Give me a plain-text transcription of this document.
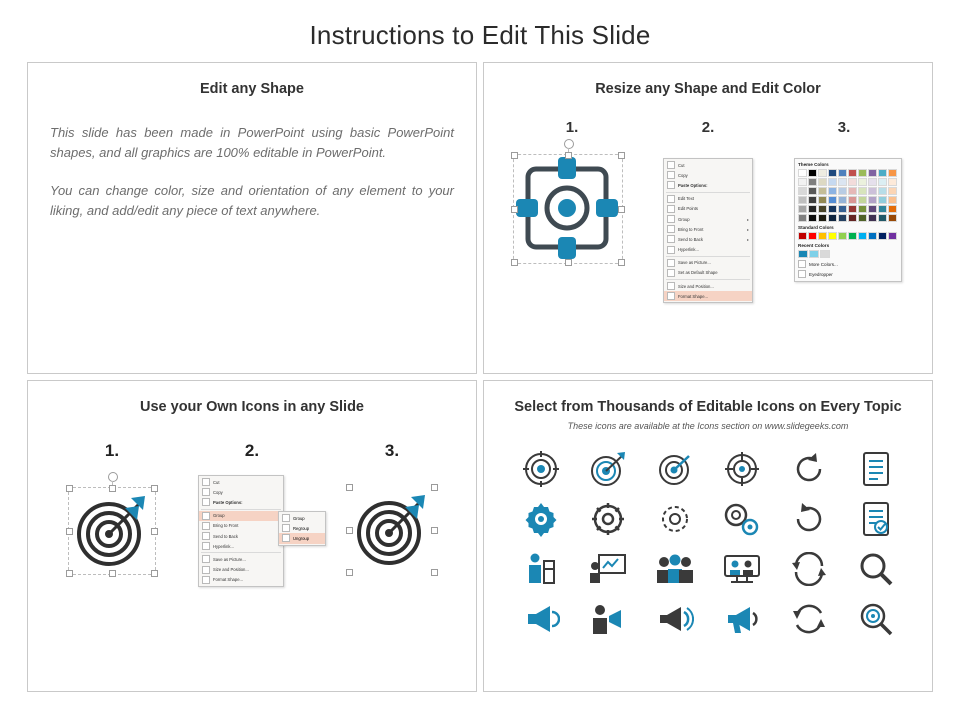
Instructions to Edit This Slide
Edit any Shape
This slide has been made in PowerPoint using basic PowerPoint shapes, and all graphics are 100% editable in PowerPoint.
You can change color, size and orientation of any element to your liking, and add/edit any piece of text anywhere.
Resize any Shape and Edit Color
1.	2.	3.
Cut
Copy
Paste Options:
Edit Text
Edit Points
Group	▸
Bring to Front	▸
Send to Back	▸
Hyperlink...
Save as Picture...
Set as Default Shape
Size and Position...
Format Shape...
Theme Colors
Standard Colors
Recent Colors
More Colors...
Eyedropper
Use your Own Icons in any Slide
1.	2.	3.
Cut
Copy
Paste Options:
Group
Bring to Front
Send to Back
Hyperlink...
Save as Picture...
Size and Position...
Format Shape...
Group
Regroup
Ungroup
Select from Thousands of Editable Icons on Every Topic
These icons are available at the Icons section on www.slidegeeks.com
